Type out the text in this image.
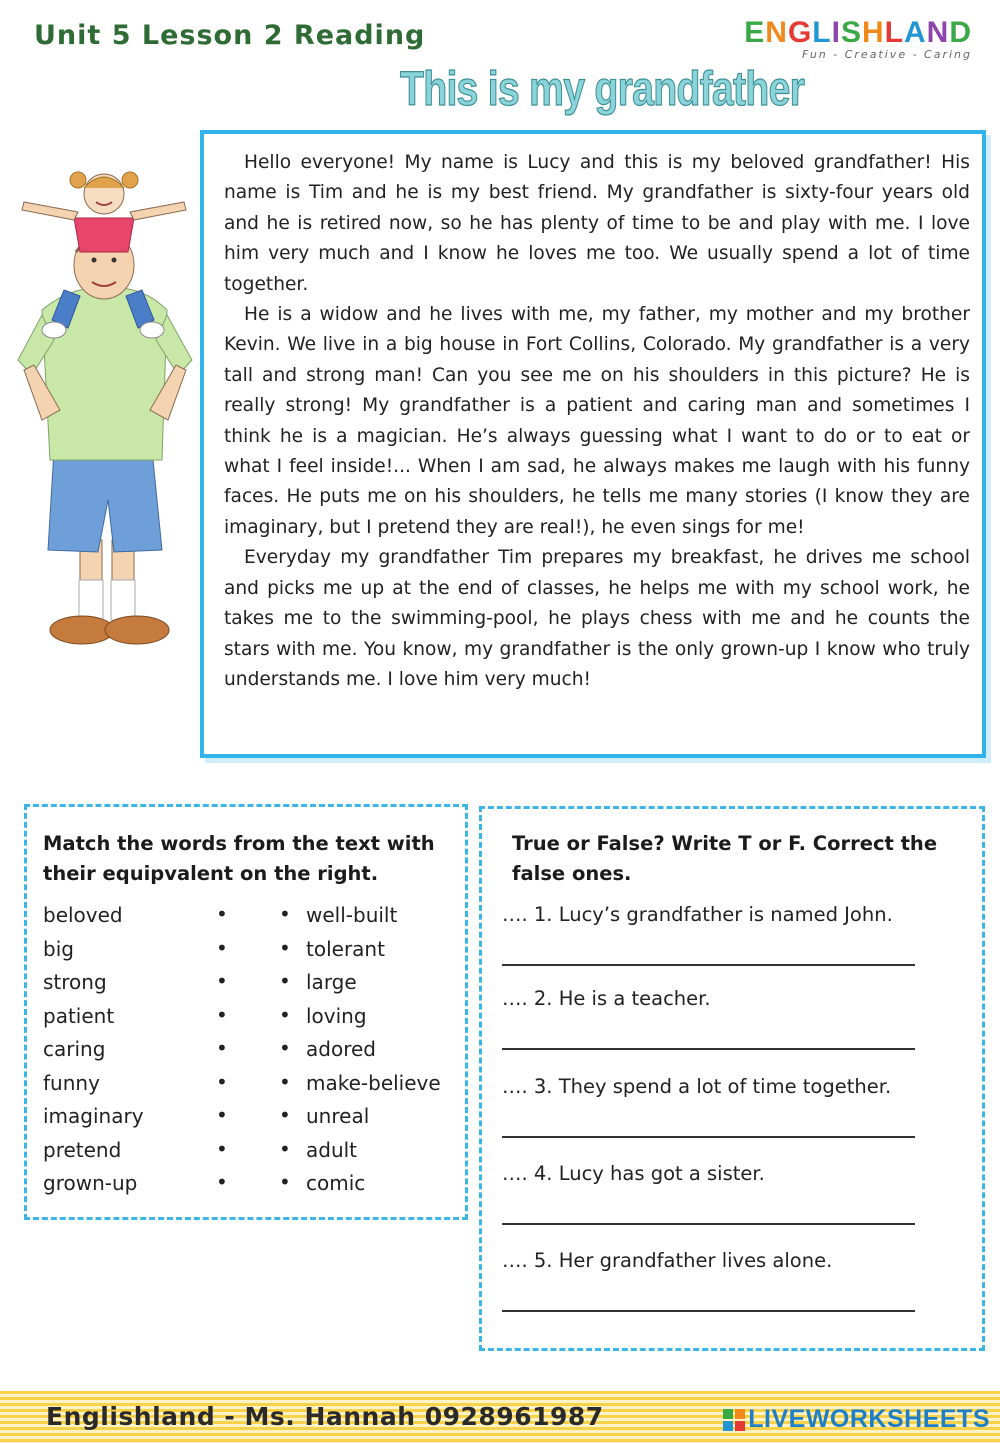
Unit 5 Lesson 2 Reading	ENGLISHLAND
Fun - Creative - Caring
This is my grandfather

Hello everyone! My name is Lucy and this is my beloved grandfather! His name is Tim and he is my best friend. My grandfather is sixty-four years old and he is retired now, so he has plenty of time to be and play with me. I love him very much and I know he loves me too. We usually spend a lot of time together.

He is a widow and he lives with me, my father, my mother and my brother Kevin. We live in a big house in Fort Collins, Colorado. My grandfather is a very tall and strong man! Can you see me on his shoulders in this picture? He is really strong! My grandfather is a patient and caring man and sometimes I think he is a magician. He’s always guessing what I want to do or to eat or what I feel inside!... When I am sad, he always makes me laugh with his funny faces. He puts me on his shoulders, he tells me many stories (I know they are imaginary, but I pretend they are real!), he even sings for me!

Everyday my grandfather Tim prepares my breakfast, he drives me school and picks me up at the end of classes, he helps me with my school work, he takes me to the swimming-pool, he plays chess with me and he counts the stars with me. You know, my grandfather is the only grown-up I know who truly understands me. I love him very much!

Match the words from the text with their equipvalent on the right.
beloved	•	• well-built
big	•	• tolerant
strong	•	• large
patient	•	• loving
caring	•	• adored
funny	•	• make-believe
imaginary	•	• unreal
pretend	•	• adult
grown-up	•	• comic
True or False? Write T or F. Correct the false ones.
…. 1. Lucy’s grandfather is named John.
…. 2. He is a teacher.
…. 3. They spend a lot of time together.
…. 4. Lucy has got a sister.
…. 5. Her grandfather lives alone.
Englishland - Ms. Hannah 0928961987	LIVEWORKSHEETS
